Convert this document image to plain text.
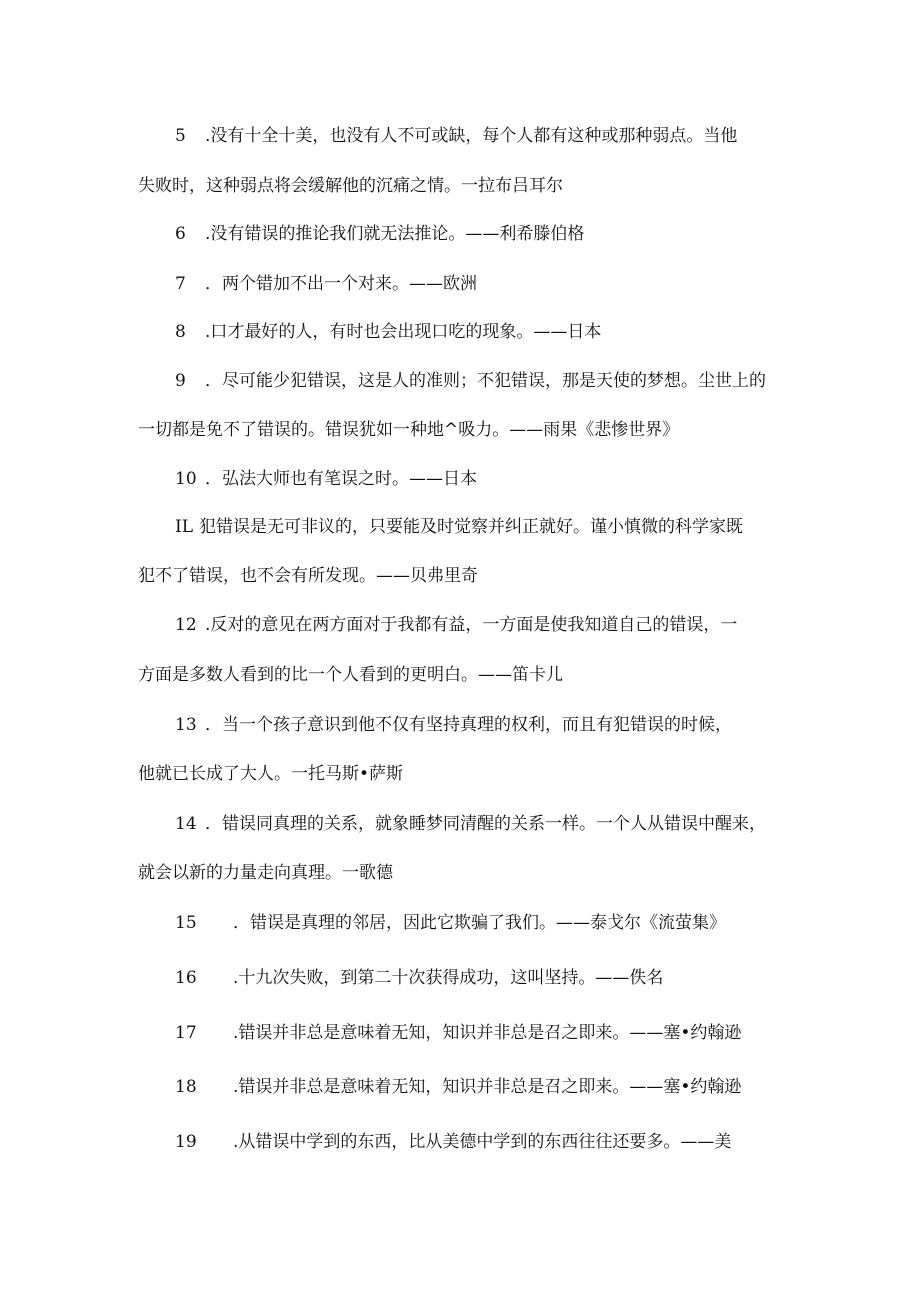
5 .没有十全十美，也没有人不可或缺，每个人都有这种或那种弱点。当他
失败时，这种弱点将会缓解他的沉痛之情。一拉布吕耳尔
6 .没有错误的推论我们就无法推论。——利希滕伯格
7 ．两个错加不出一个对来。——欧洲
8 .口才最好的人，有时也会出现口吃的现象。——日本
9 ．尽可能少犯错误，这是人的准则；不犯错误，那是天使的梦想。尘世上的
一切都是免不了错误的。错误犹如一种地^吸力。——雨果《悲惨世界》
10 ．弘法大师也有笔误之时。——日本
IL 犯错误是无可非议的，只要能及时觉察并纠正就好。谨小慎微的科学家既
犯不了错误，也不会有所发现。——贝弗里奇
12 .反对的意见在两方面对于我都有益，一方面是使我知道自己的错误，一
方面是多数人看到的比一个人看到的更明白。——笛卡儿
13 ．当一个孩子意识到他不仅有坚持真理的权利，而且有犯错误的时候，
他就已长成了大人。一托马斯•萨斯
14 ．错误同真理的关系，就象睡梦同清醒的关系一样。一个人从错误中醒来，
就会以新的力量走向真理。一歌德
15 ．错误是真理的邻居，因此它欺骗了我们。——泰戈尔《流萤集》
16 .十九次失败，到第二十次获得成功，这叫坚持。——佚名
17 .错误并非总是意味着无知，知识并非总是召之即来。——塞•约翰逊
18 .错误并非总是意味着无知，知识并非总是召之即来。——塞•约翰逊
19 .从错误中学到的东西，比从美德中学到的东西往往还要多。——美
